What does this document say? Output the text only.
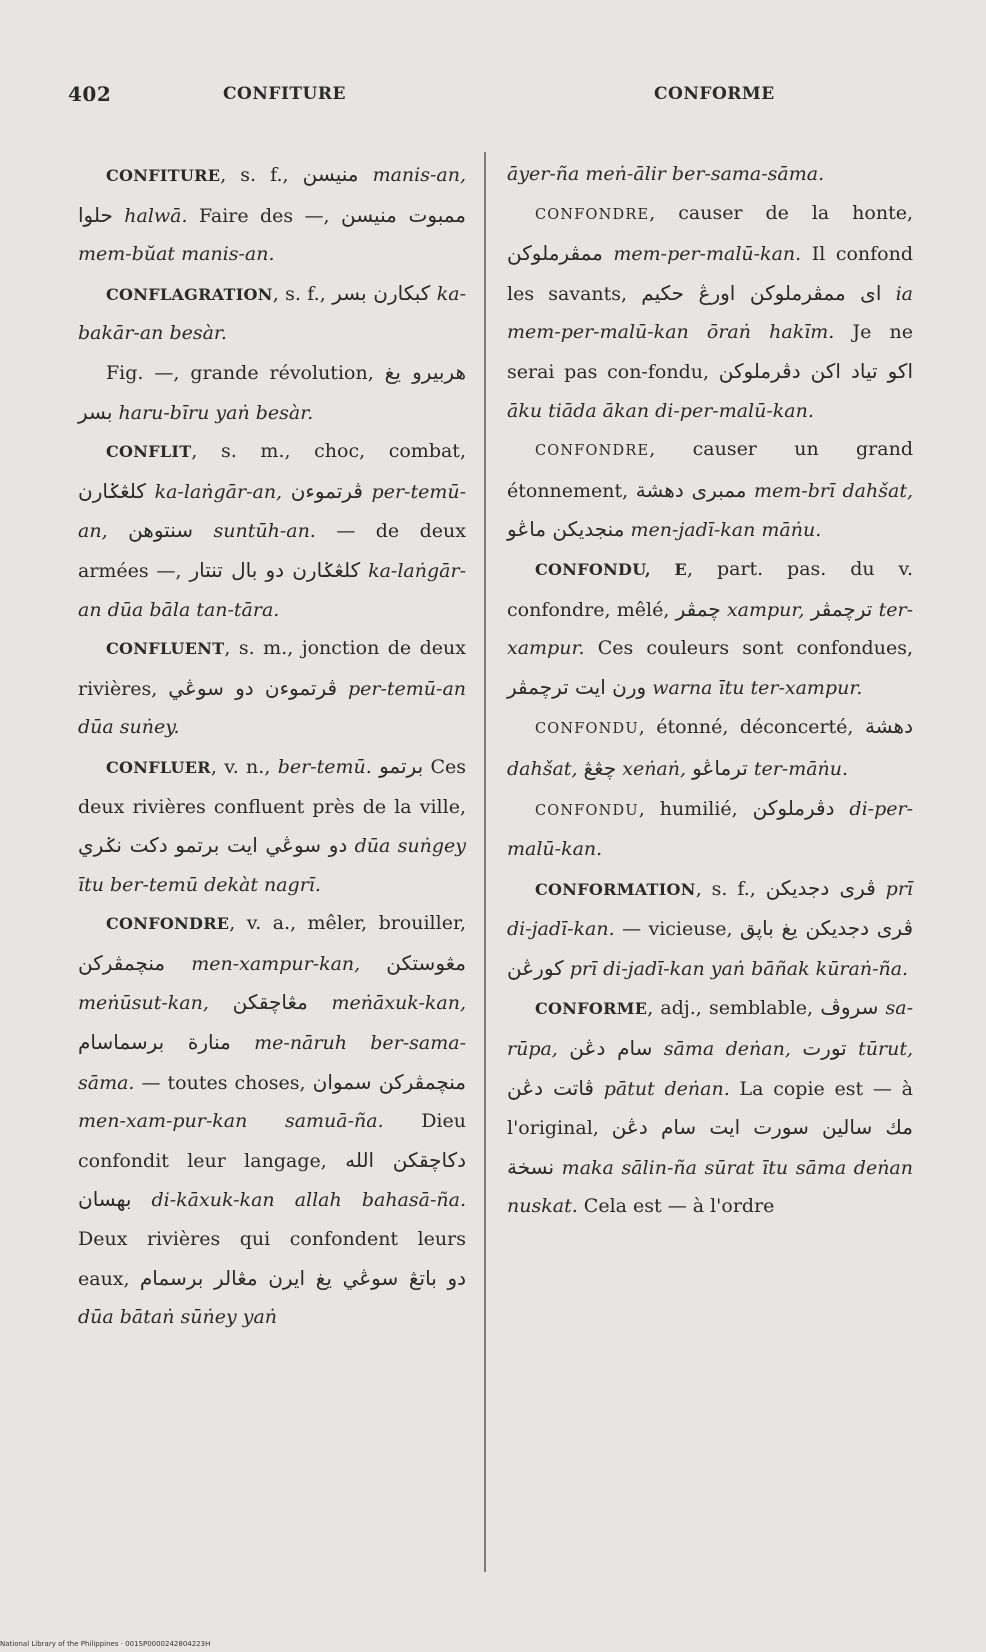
402	CONFITURE	CONFORME

CONFITURE, s. f., منيسن manis-an, حلوا halwā. Faire des —, ممبوت منيسن mem-bŭat manis-an.

CONFLAGRATION, s. f., كبكارن بسر ka-bakār-an besàr.

Fig. —, grande révolution, هربيرو يغ بسر haru-bīru yaṅ besàr.

CONFLIT, s. m., choc, combat, كلڠݢارن ka-laṅgār-an, ڤرتموءن per-temū-an, سنتوهن suntūh-an. — de deux armées —, كلڠݢارن دو بال تنتار ka-laṅgār-an dūa bāla tan-tāra.

CONFLUENT, s. m., jonction de deux rivières, ڤرتموءن دو سوڠي per-temū-an dūa suṅey.

CONFLUER, v. n., ber-temū. برتمو Ces deux rivières confluent près de la ville, دو سوڠي ايت برتمو دكت نݢري dūa suṅgey ītu ber-temū dekàt nagrī.

CONFONDRE, v. a., mêler, brouiller, منچمڤركن men-xampur-kan, مڠوستكن meṅūsut-kan, مڠاچقكن meṅāxuk-kan, منارة برسماسام me-nāruh ber-sama-sāma. — toutes choses, منچمڤركن سموان men-xam-pur-kan samuā-ña. Dieu confondit leur langage, دكاچقكن الله بهسان di-kāxuk-kan allah bahasā-ña. Deux rivières qui confondent leurs eaux, دو باتڠ سوڠي يغ ايرن مڠالر برسمام dūa bātaṅ sūṅey yaṅ

āyer-ña meṅ-ālir ber-sama-sāma.

CONFONDRE, causer de la honte, ممڤرملوكن mem-per-malū-kan. Il confond les savants, اى ممڤرملوكن اورڠ حكيم ia mem-per-malū-kan ōraṅ hakīm. Je ne serai pas con-fondu, اكو تياد اكن دڤرملوكن āku tiāda ākan di-per-malū-kan.

CONFONDRE, causer un grand étonnement, ممبرى دهشة mem-brī dahšat, منجديكن ماڠو men-jadī-kan māṅu.

CONFONDU, E, part. pas. du v. confondre, mêlé, چمڤر xampur, ترچمڤر ter-xampur. Ces couleurs sont confondues, ورن ايت ترچمڤر warna ītu ter-xampur.

CONFONDU, étonné, déconcerté, دهشة dahšat, چڠڠ xeṅaṅ, ترماڠو ter-māṅu.

CONFONDU, humilié, دڤرملوكن di-per-malū-kan.

CONFORMATION, s. f., ڤرى دجديكن prī di-jadī-kan. — vicieuse, ڤرى دجديكن يغ باپق كورڠن prī di-jadī-kan yaṅ bāñak kūraṅ-ña.

CONFORME, adj., semblable, سروڤ sa-rūpa, سام دڠن sāma deṅan, تورت tūrut, ڤاتت دڠن pātut deṅan. La copie est — à l'original, مك سالين سورت ايت سام دڠن نسخة maka sālin-ña sūrat ītu sāma deṅan nuskat. Cela est — à l'ordre

National Library of the Philippines · 001SP0000242804223H
